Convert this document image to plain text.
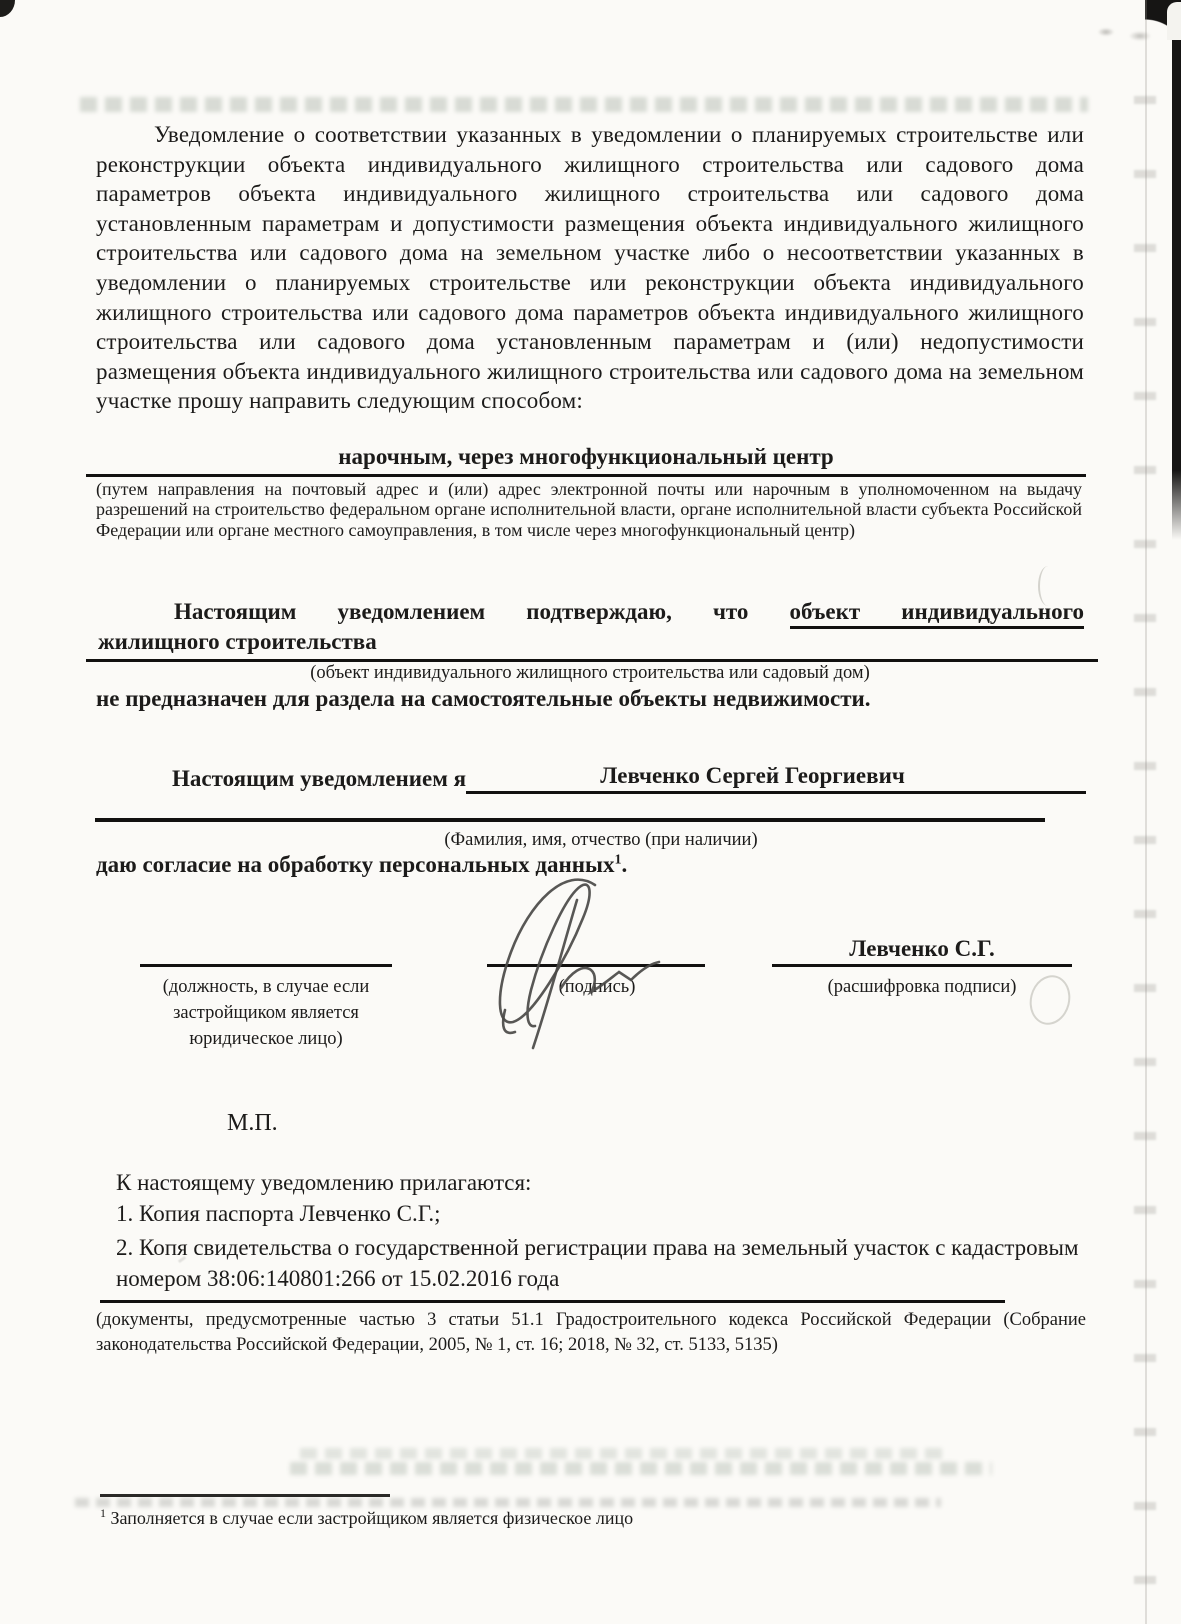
Уведомление о соответствии указанных в уведомлении о планируемых строительстве или реконструкции объекта индивидуального жилищного строительства или садового дома параметров объекта индивидуального жилищного строительства или садового дома установленным параметрам и допустимости размещения объекта индивидуального жилищного строительства или садового дома на земельном участке либо о несоответствии указанных в уведомлении о планируемых строительстве или реконструкции объекта индивидуального жилищного строительства или садового дома параметров объекта индивидуального жилищного строительства или садового дома установленным параметрам и (или) недопустимости размещения объекта индивидуального жилищного строительства или садового дома на земельном участке прошу направить следующим способом:
нарочным, через многофункциональный центр
(путем направления на почтовый адрес и (или) адрес электронной почты или нарочным в уполномоченном на выдачу разрешений на строительство федеральном органе исполнительной власти, органе исполнительной власти субъекта Российской Федерации или органе местного самоуправления, в том числе через многофункциональный центр)
Настоящим уведомлением подтверждаю, что объект индивидуального
жилищного строительства
(объект индивидуального жилищного строительства или садовый дом)
не предназначен для раздела на самостоятельные объекты недвижимости.
Настоящим уведомлением я	Левченко Сергей Георгиевич
(Фамилия, имя, отчество (при наличии)
даю согласие на обработку персональных данных$^1$.
Левченко С.Г.
(должность, в случае если
застройщиком является
юридическое лицо)
(подпись)	(расшифровка подписи)
М.П.
К настоящему уведомлению прилагаются:
1. Копия паспорта Левченко С.Г.;
2. Копя свидетельства о государственной регистрации права на земельный участок с кадастровым номером 38:06:140801:266 от 15.02.2016 года
(документы, предусмотренные частью 3 статьи 51.1 Градостроительного кодекса Российской Федерации (Собрание законодательства Российской Федерации, 2005, № 1, ст. 16; 2018, № 32, ст. 5133, 5135)
$^1$ Заполняется в случае если застройщиком является физическое лицо
